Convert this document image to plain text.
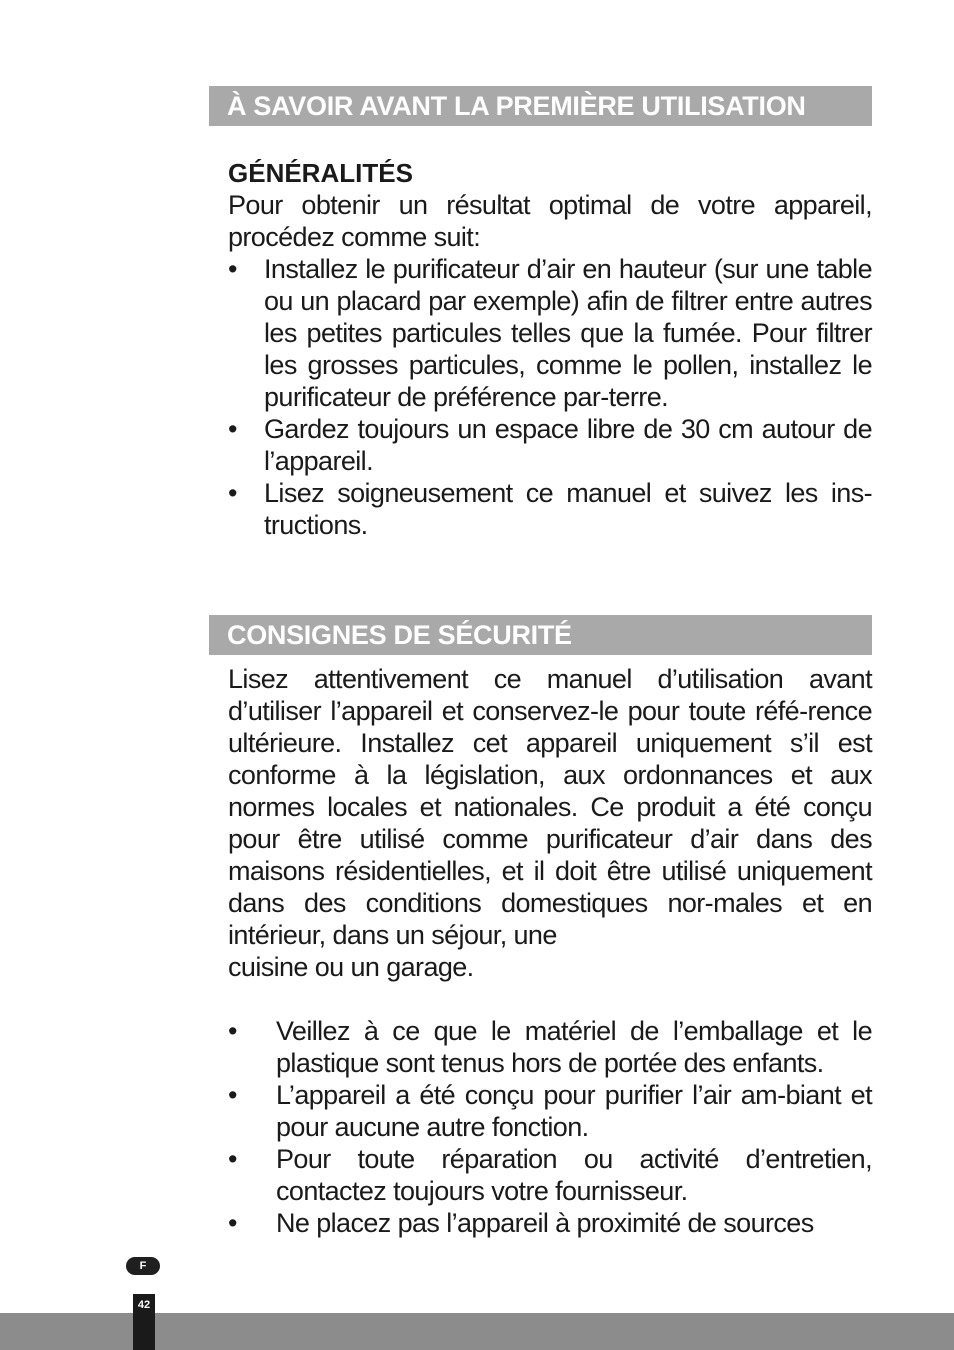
À SAVOIR AVANT LA PREMIÈRE UTILISATION
GÉNÉRALITÉS
Pour obtenir un résultat optimal de votre appareil, procédez comme suit:
• Installez le purificateur d’air en hauteur (sur une table ou un placard par exemple) afin de filtrer entre autres les petites particules telles que la fumée. Pour filtrer les grosses particules, comme le pollen, installez le purificateur de préférence par-terre.
• Gardez toujours un espace libre de 30 cm autour de l’appareil.
• Lisez soigneusement ce manuel et suivez les ins-tructions.
CONSIGNES DE SÉCURITÉ
Lisez attentivement ce manuel d’utilisation avant d’utiliser l’appareil et conservez-le pour toute réfé-rence ultérieure. Installez cet appareil uniquement s’il est conforme à la législation, aux ordonnances et aux normes locales et nationales. Ce produit a été conçu pour être utilisé comme purificateur d’air dans des maisons résidentielles, et il doit être utilisé uniquement dans des conditions domestiques nor-males et en intérieur, dans un séjour, une
cuisine ou un garage.
• Veillez à ce que le matériel de l’emballage et le plastique sont tenus hors de portée des enfants.
• L’appareil a été conçu pour purifier l’air am-biant et pour aucune autre fonction.
• Pour toute réparation ou activité d’entretien, contactez toujours votre fournisseur.
• Ne placez pas l’appareil à proximité de sources
F
42
